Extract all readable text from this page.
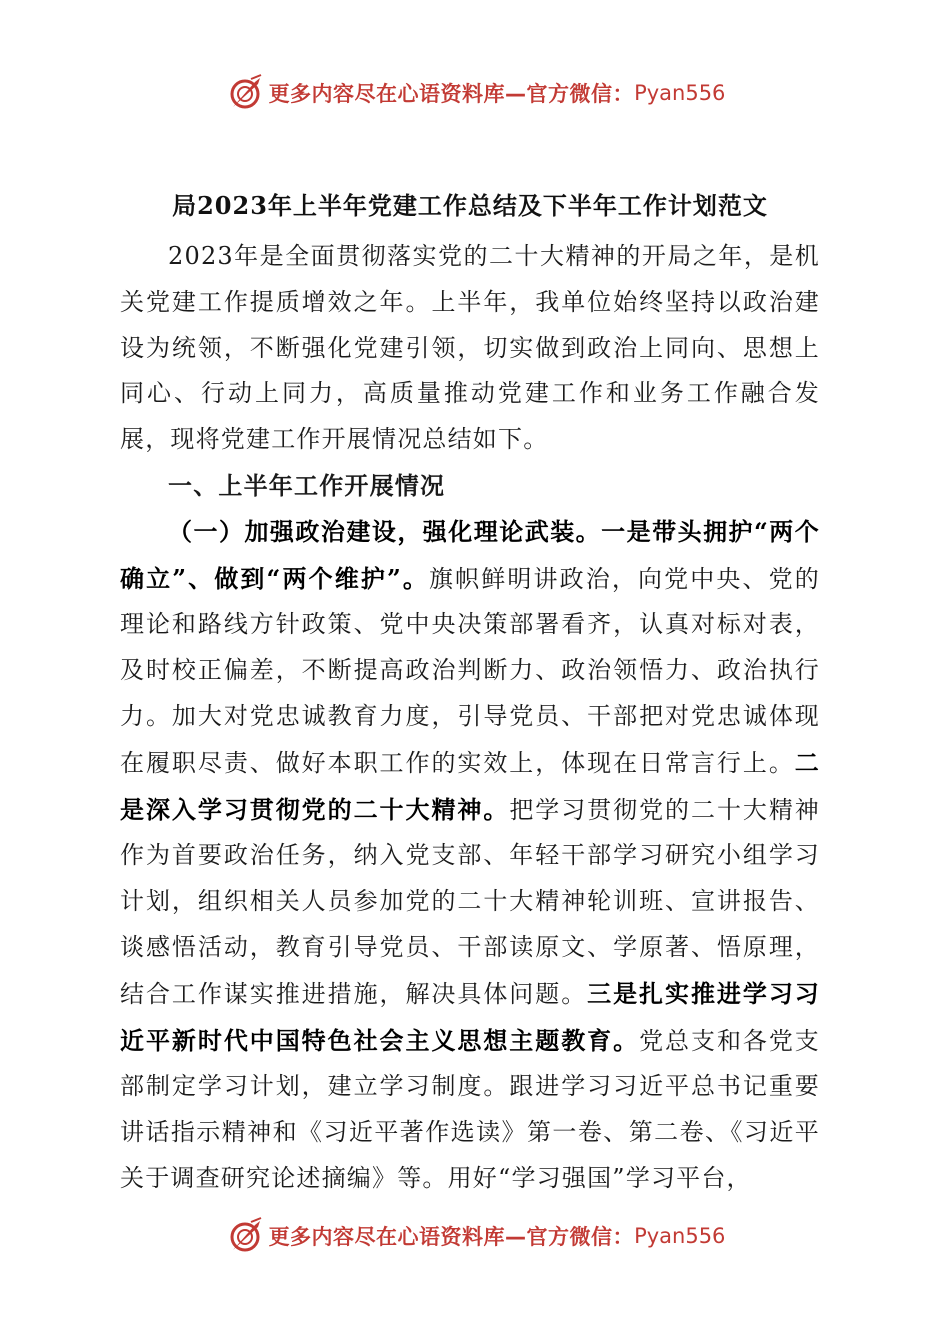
更多内容尽在心语资料库—官方微信： Pyan556
局2023年上半年党建工作总结及下半年工作计划范文

2023年是全面贯彻落实党的二十大精神的开局之年，是机关党建工作提质增效之年。上半年，我单位始终坚持以政治建设为统领，不断强化党建引领，切实做到政治上同向、思想上同心、行动上同力，高质量推动党建工作和业务工作融合发展，现将党建工作开展情况总结如下。

一、上半年工作开展情况

（一）加强政治建设，强化理论武装。一是带头拥护“两个确立”、做到“两个维护”。旗帜鲜明讲政治，向党中央、党的理论和路线方针政策、党中央决策部署看齐，认真对标对表，及时校正偏差，不断提高政治判断力、政治领悟力、政治执行力。加大对党忠诚教育力度，引导党员、干部把对党忠诚体现在履职尽责、做好本职工作的实效上，体现在日常言行上。二是深入学习贯彻党的二十大精神。把学习贯彻党的二十大精神作为首要政治任务，纳入党支部、年轻干部学习研究小组学习计划，组织相关人员参加党的二十大精神轮训班、宣讲报告、谈感悟活动，教育引导党员、干部读原文、学原著、悟原理，结合工作谋实推进措施，解决具体问题。三是扎实推进学习习近平新时代中国特色社会主义思想主题教育。党总支和各党支部制定学习计划，建立学习制度。跟进学习习近平总书记重要讲话指示精神和《习近平著作选读》第一卷、第二卷、《习近平关于调查研究论述摘编》等。用好“学习强国”学习平台，

更多内容尽在心语资料库—官方微信： Pyan556
